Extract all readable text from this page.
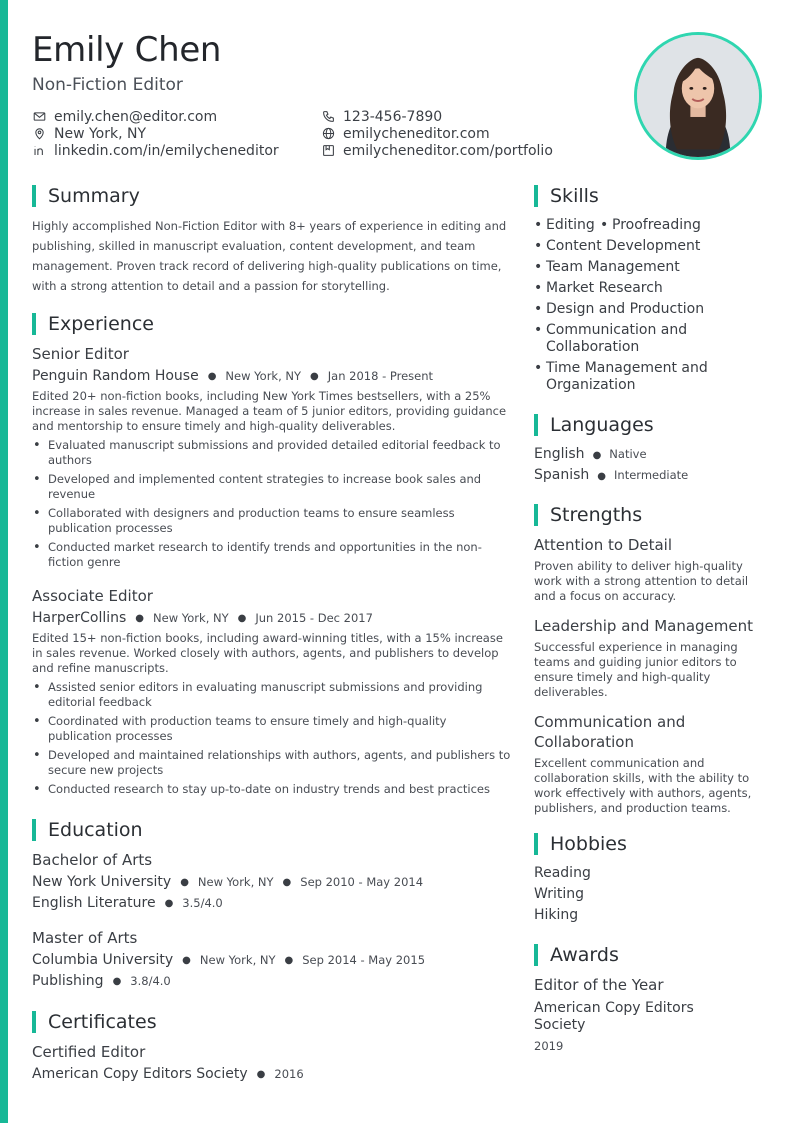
Emily Chen
Non-Fiction Editor
emily.chen@editor.com
New York, NY
linkedin.com/in/emilycheneditor
123-456-7890
emilycheneditor.com
emilycheneditor.com/portfolio
Summary
Highly accomplished Non-Fiction Editor with 8+ years of experience in editing and publishing, skilled in manuscript evaluation, content development, and team management. Proven track record of delivering high-quality publications on time, with a strong attention to detail and a passion for storytelling.
Experience
Senior Editor
Penguin Random House ● New York, NY ● Jan 2018 - Present
Edited 20+ non-fiction books, including New York Times bestsellers, with a 25% increase in sales revenue. Managed a team of 5 junior editors, providing guidance and mentorship to ensure timely and high-quality deliverables.
• Evaluated manuscript submissions and provided detailed editorial feedback to authors
• Developed and implemented content strategies to increase book sales and revenue
• Collaborated with designers and production teams to ensure seamless publication processes
• Conducted market research to identify trends and opportunities in the non-fiction genre
Associate Editor
HarperCollins ● New York, NY ● Jun 2015 - Dec 2017
Edited 15+ non-fiction books, including award-winning titles, with a 15% increase in sales revenue. Worked closely with authors, agents, and publishers to develop and refine manuscripts.
• Assisted senior editors in evaluating manuscript submissions and providing editorial feedback
• Coordinated with production teams to ensure timely and high-quality publication processes
• Developed and maintained relationships with authors, agents, and publishers to secure new projects
• Conducted research to stay up-to-date on industry trends and best practices
Education
Bachelor of Arts
New York University ● New York, NY ● Sep 2010 - May 2014
English Literature ● 3.5/4.0
Master of Arts
Columbia University ● New York, NY ● Sep 2014 - May 2015
Publishing ● 3.8/4.0
Certificates
Certified Editor
American Copy Editors Society ● 2016
Skills
• Editing
•	Proofreading
• Content Development
• Team Management
• Market Research
• Design and Production
• Communication and Collaboration
• Time Management and Organization
Languages
English ● Native
Spanish ● Intermediate
Strengths
Attention to Detail
Proven ability to deliver high-quality work with a strong attention to detail and a focus on accuracy.
Leadership and Management
Successful experience in managing teams and guiding junior editors to ensure timely and high-quality deliverables.
Communication and Collaboration
Excellent communication and collaboration skills, with the ability to work effectively with authors, agents, publishers, and production teams.
Hobbies
Reading
Writing
Hiking
Awards
Editor of the Year
American Copy Editors Society
2019
